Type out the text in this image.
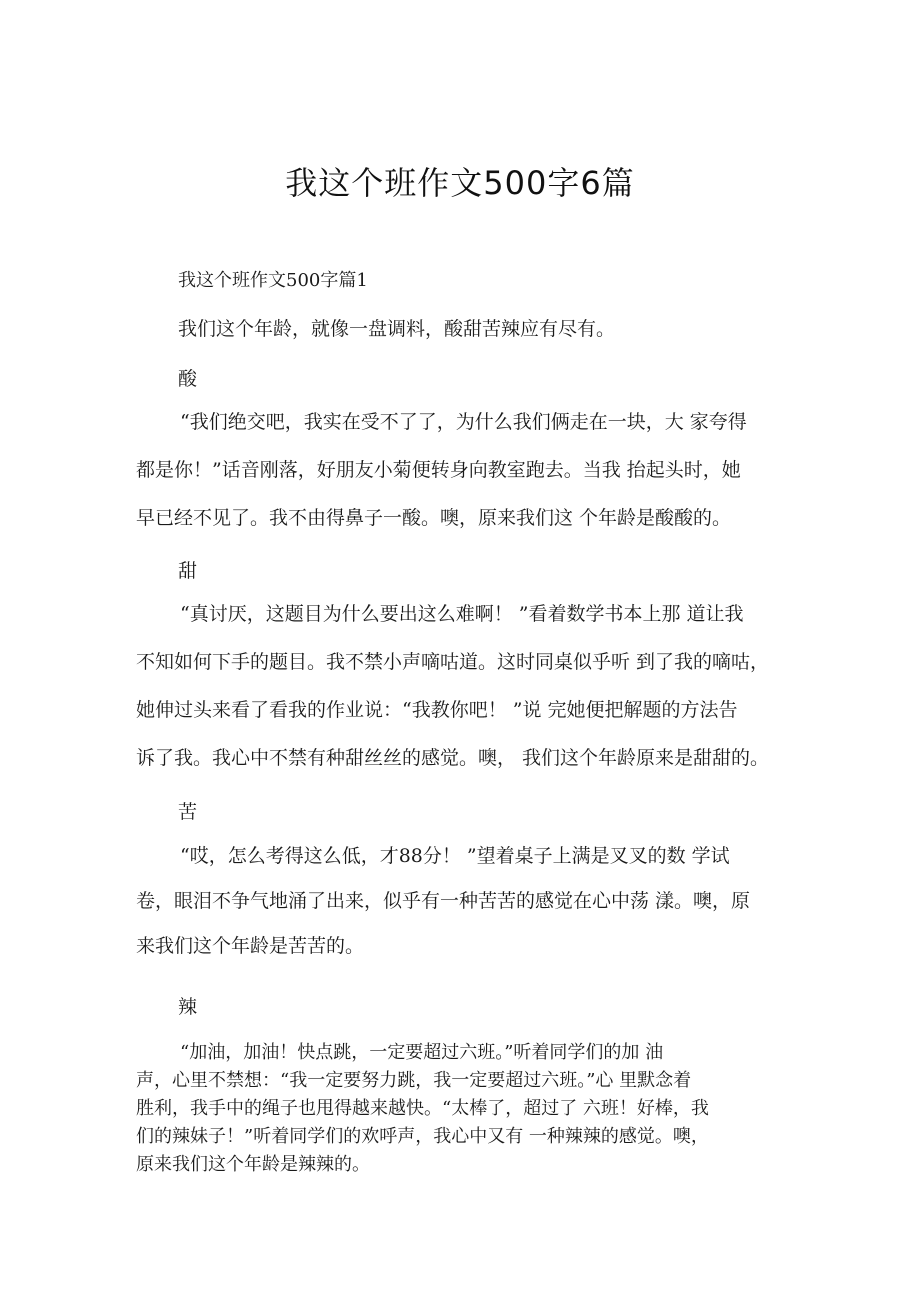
我这个班作文500字6篇

我这个班作文500字篇1

我们这个年龄，就像一盘调料，酸甜苦辣应有尽有。

酸

“我们绝交吧，我实在受不了了，为什么我们俩走在一块，大 家夸得
都是你！”话音刚落，好朋友小菊便转身向教室跑去。当我 抬起头时，她
早已经不见了。我不由得鼻子一酸。噢，原来我们这 个年龄是酸酸的。

甜

“真讨厌，这题目为什么要出这么难啊！ ”看着数学书本上那 道让我
不知如何下手的题目。我不禁小声嘀咕道。这时同桌似乎听 到了我的嘀咕，
她伸过头来看了看我的作业说：“我教你吧！ ”说 完她便把解题的方法告
诉了我。我心中不禁有种甜丝丝的感觉。噢， 我们这个年龄原来是甜甜的。

苦

“哎，怎么考得这么低，才88分！ ”望着桌子上满是叉叉的数 学试
卷，眼泪不争气地涌了出来，似乎有一种苦苦的感觉在心中荡 漾。噢，原
来我们这个年龄是苦苦的。

辣

“加油，加油！快点跳，一定要超过六班。”听着同学们的加 油
声，心里不禁想：“我一定要努力跳，我一定要超过六班。”心 里默念着
胜利，我手中的绳子也甩得越来越快。“太棒了，超过了 六班！好棒，我
们的辣妹子！”听着同学们的欢呼声，我心中又有 一种辣辣的感觉。噢，
原来我们这个年龄是辣辣的。
